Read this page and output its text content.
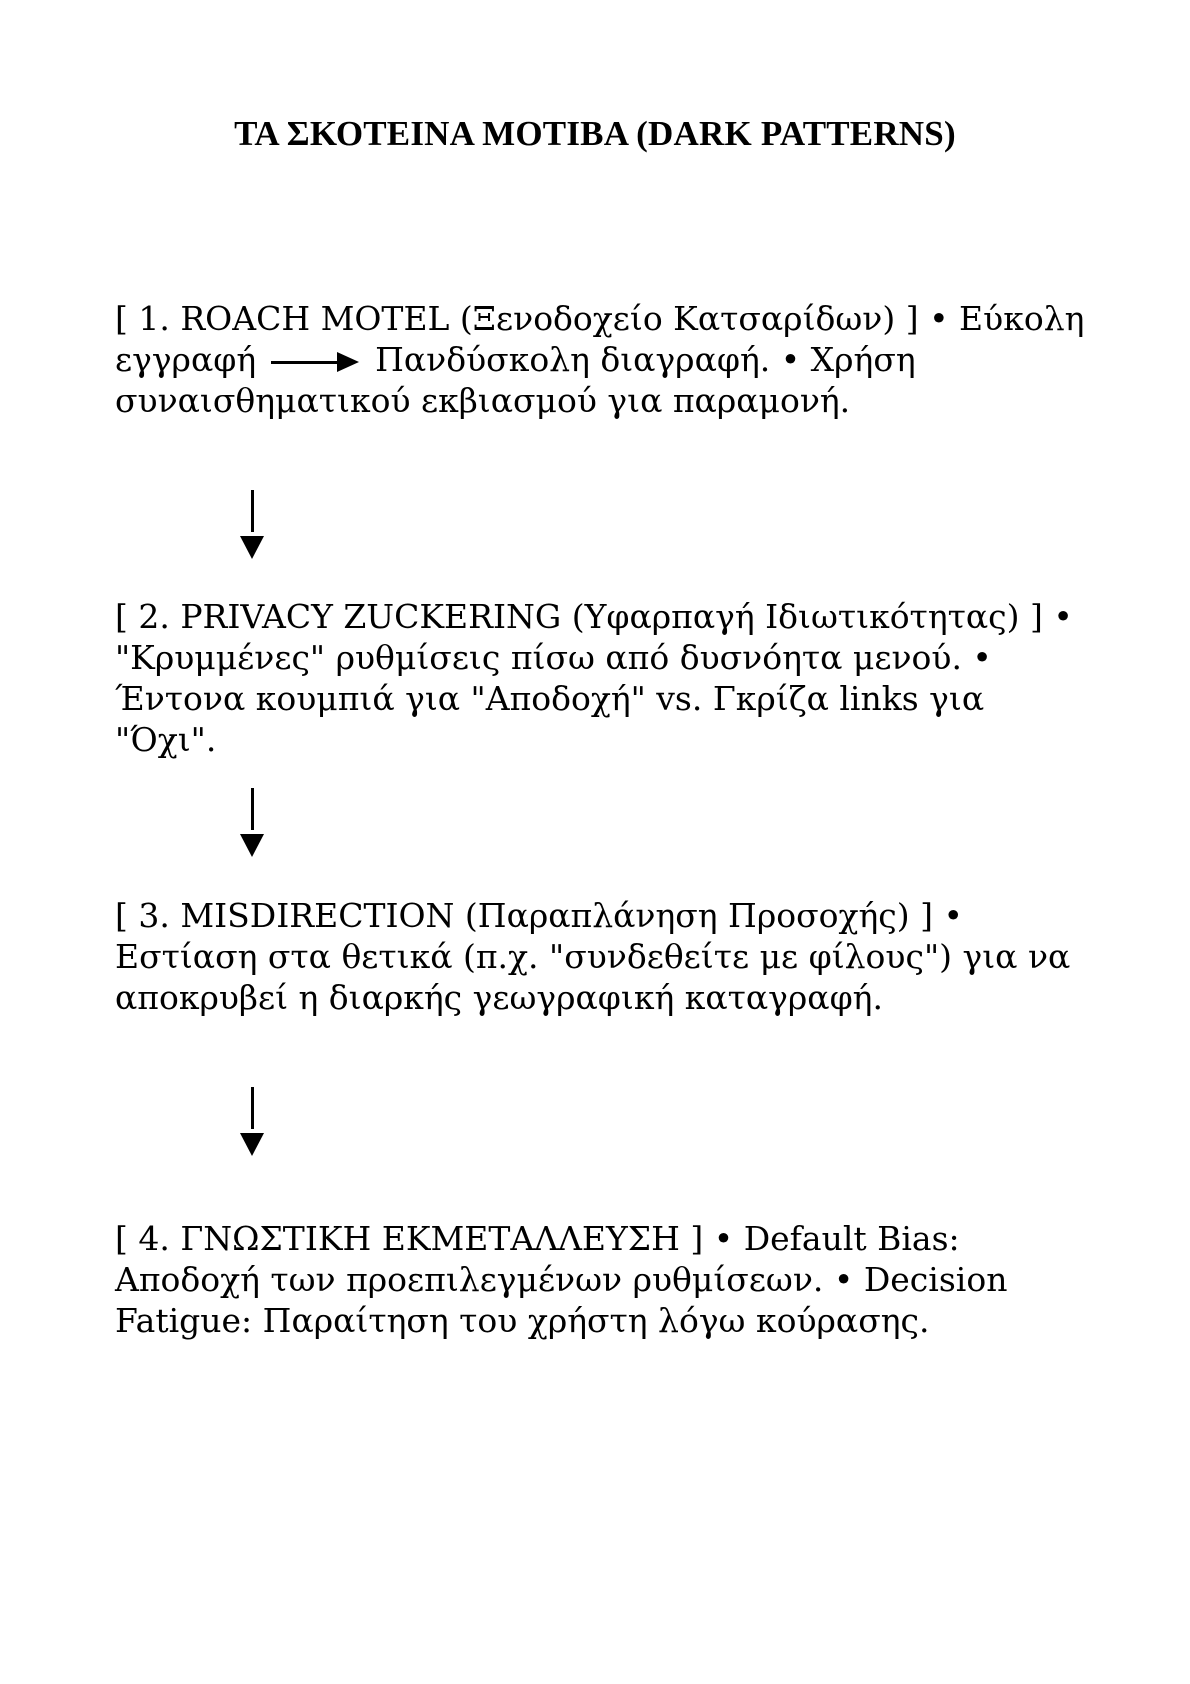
ΤΑ ΣΚΟΤΕΙΝΑ ΜΟΤΙΒΑ (DARK PATTERNS)

[ 1. ROACH MOTEL (Ξενοδοχείο Κατσαρίδων) ] • Εύκολη εγγραφή	Πανδύσκολη διαγραφή. • Χρήση συναισθηματικού εκβιασμού για παραμονή.

[ 2. PRIVACY ZUCKERING (Υφαρπαγή Ιδιωτικότητας) ] • "Κρυμμένες" ρυθμίσεις πίσω από δυσνόητα μενού. • Έντονα κουμπιά για "Αποδοχή" vs. Γκρίζα links για "Όχι".

[ 3. MISDIRECTION (Παραπλάνηση Προσοχής) ] • Εστίαση στα θετικά (π.χ. "συνδεθείτε με φίλους") για να αποκρυβεί η διαρκής γεωγραφική καταγραφή.

[ 4. ΓΝΩΣΤΙΚΗ ΕΚΜΕΤΑΛΛΕΥΣΗ ] • Default Bias: Αποδοχή των προεπιλεγμένων ρυθμίσεων. • Decision Fatigue: Παραίτηση του χρήστη λόγω κούρασης.
